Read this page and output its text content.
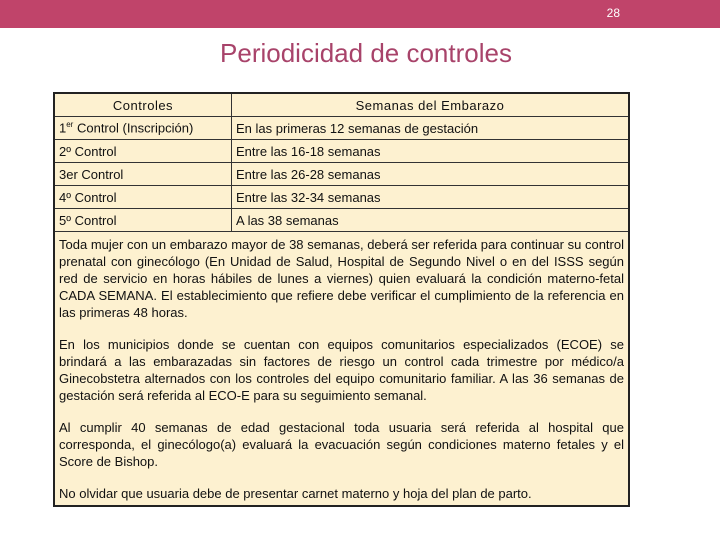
28
Periodicidad de controles
Controles	Semanas del Embarazo
1er Control (Inscripción)	En las primeras 12 semanas de gestación
2º Control	Entre las 16-18 semanas
3er Control	Entre las 26-28 semanas
4º Control	Entre las 32-34 semanas
5º Control	A las 38 semanas

Toda mujer con un embarazo mayor de 38 semanas, deberá ser referida para continuar su control prenatal con ginecólogo (En Unidad de Salud, Hospital de Segundo Nivel o en del ISSS según red de servicio en horas hábiles de lunes a viernes) quien evaluará la condición materno-fetal CADA SEMANA. El establecimiento que refiere debe verificar el cumplimiento de la referencia en las primeras 48 horas.

En los municipios donde se cuentan con equipos comunitarios especializados (ECOE) se brindará a las embarazadas sin factores de riesgo un control cada trimestre por médico/a Ginecobstetra alternados con los controles del equipo comunitario familiar. A las 36 semanas de gestación será referida al ECO-E para su seguimiento semanal.

Al cumplir 40 semanas de edad gestacional toda usuaria será referida al hospital que corresponda, el ginecólogo(a) evaluará la evacuación según condiciones materno fetales y el Score de Bishop.

No olvidar que usuaria debe de presentar carnet materno y hoja del plan de parto.
